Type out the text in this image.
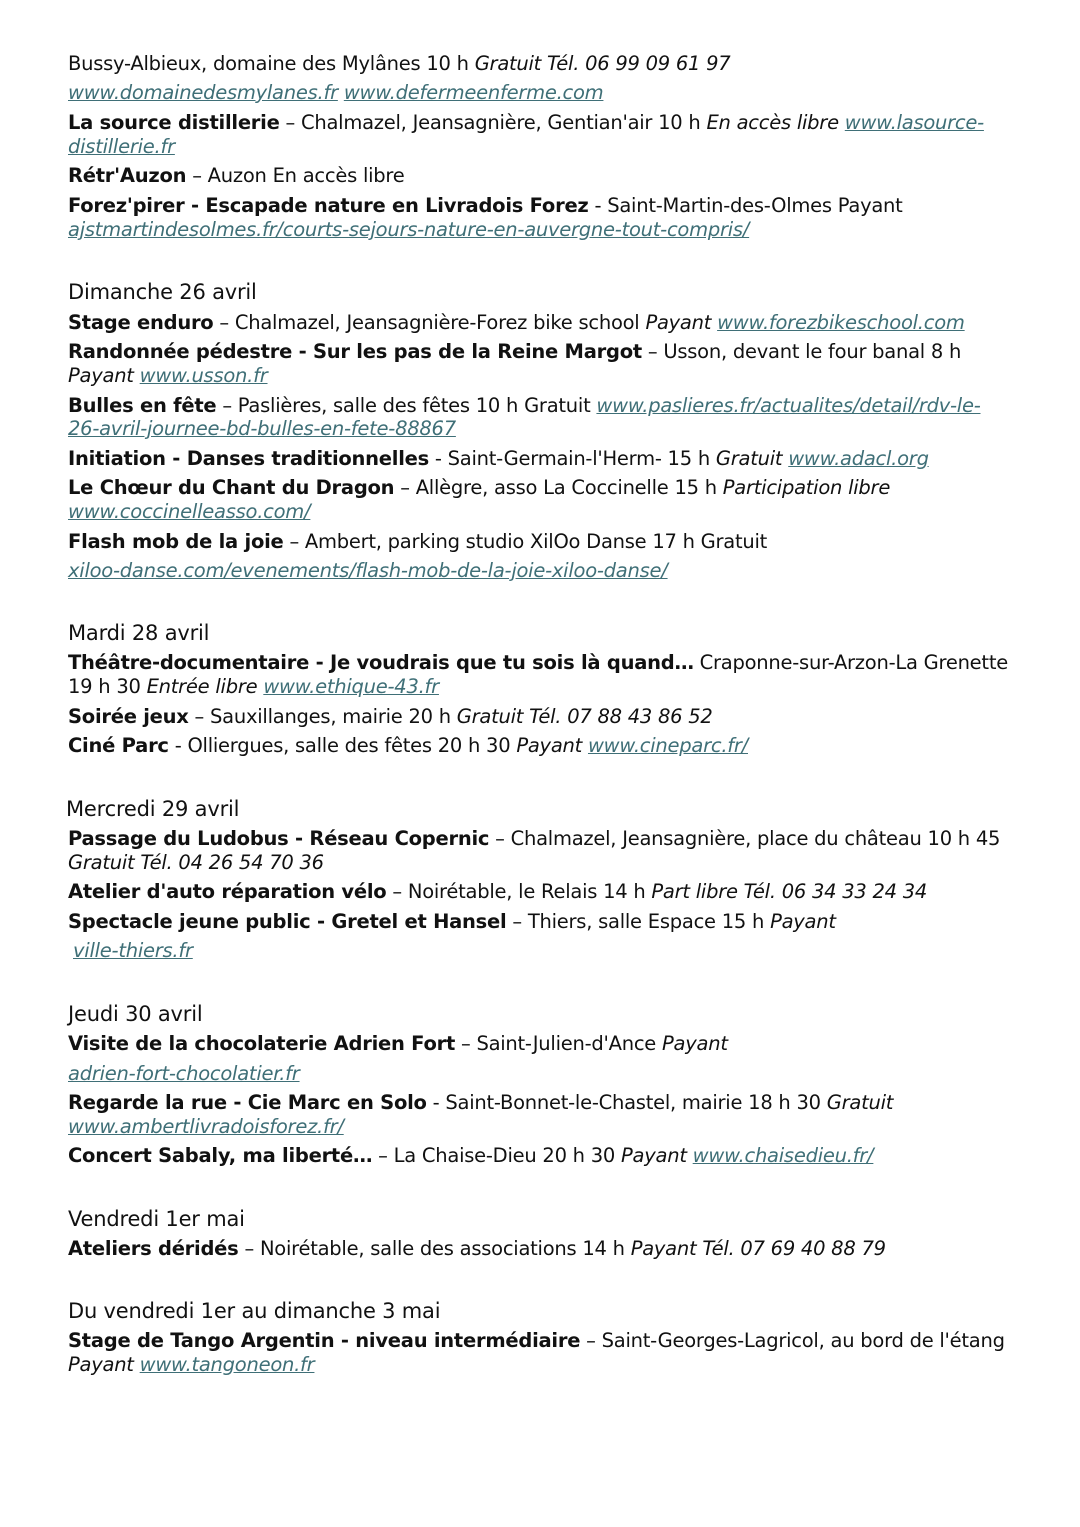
Bussy-Albieux, domaine des Mylânes 10 h Gratuit Tél. 06 99 09 61 97

www.domainedesmylanes.fr www.defermeenferme.com

La source distillerie – Chalmazel, Jeansagnière, Gentian'air 10 h En accès libre www.lasource-

distillerie.fr

Rétr'Auzon – Auzon En accès libre

Forez'pirer - Escapade nature en Livradois Forez - Saint-Martin-des-Olmes Payant

ajstmartindesolmes.fr/courts-sejours-nature-en-auvergne-tout-compris/

Dimanche 26 avril

Stage enduro – Chalmazel, Jeansagnière-Forez bike school Payant www.forezbikeschool.com

Randonnée pédestre - Sur les pas de la Reine Margot – Usson, devant le four banal 8 h

Payant www.usson.fr

Bulles en fête – Paslières, salle des fêtes 10 h Gratuit www.paslieres.fr/actualites/detail/rdv-le-

26-avril-journee-bd-bulles-en-fete-88867

Initiation - Danses traditionnelles - Saint-Germain-l'Herm- 15 h Gratuit www.adacl.org

Le Chœur du Chant du Dragon – Allègre, asso La Coccinelle 15 h Participation libre

www.coccinelleasso.com/

Flash mob de la joie – Ambert, parking studio XilOo Danse 17 h Gratuit

xiloo-danse.com/evenements/flash-mob-de-la-joie-xiloo-danse/

Mardi 28 avril

Théâtre-documentaire - Je voudrais que tu sois là quand… Craponne-sur-Arzon-La Grenette

19 h 30 Entrée libre www.ethique-43.fr

Soirée jeux – Sauxillanges, mairie 20 h Gratuit Tél. 07 88 43 86 52

Ciné Parc - Olliergues, salle des fêtes 20 h 30 Payant www.cineparc.fr/

Mercredi 29 avril

Passage du Ludobus - Réseau Copernic – Chalmazel, Jeansagnière, place du château 10 h 45

Gratuit Tél. 04 26 54 70 36

Atelier d'auto réparation vélo – Noirétable, le Relais 14 h Part libre Tél. 06 34 33 24 34

Spectacle jeune public - Gretel et Hansel – Thiers, salle Espace 15 h Payant

ville-thiers.fr

Jeudi 30 avril

Visite de la chocolaterie Adrien Fort – Saint-Julien-d'Ance Payant

adrien-fort-chocolatier.fr

Regarde la rue - Cie Marc en Solo - Saint-Bonnet-le-Chastel, mairie 18 h 30 Gratuit

www.ambertlivradoisforez.fr/

Concert Sabaly, ma liberté… – La Chaise-Dieu 20 h 30 Payant www.chaisedieu.fr/

Vendredi 1er mai

Ateliers déridés – Noirétable, salle des associations 14 h Payant Tél. 07 69 40 88 79

Du vendredi 1er au dimanche 3 mai

Stage de Tango Argentin - niveau intermédiaire – Saint-Georges-Lagricol, au bord de l'étang

Payant www.tangoneon.fr
